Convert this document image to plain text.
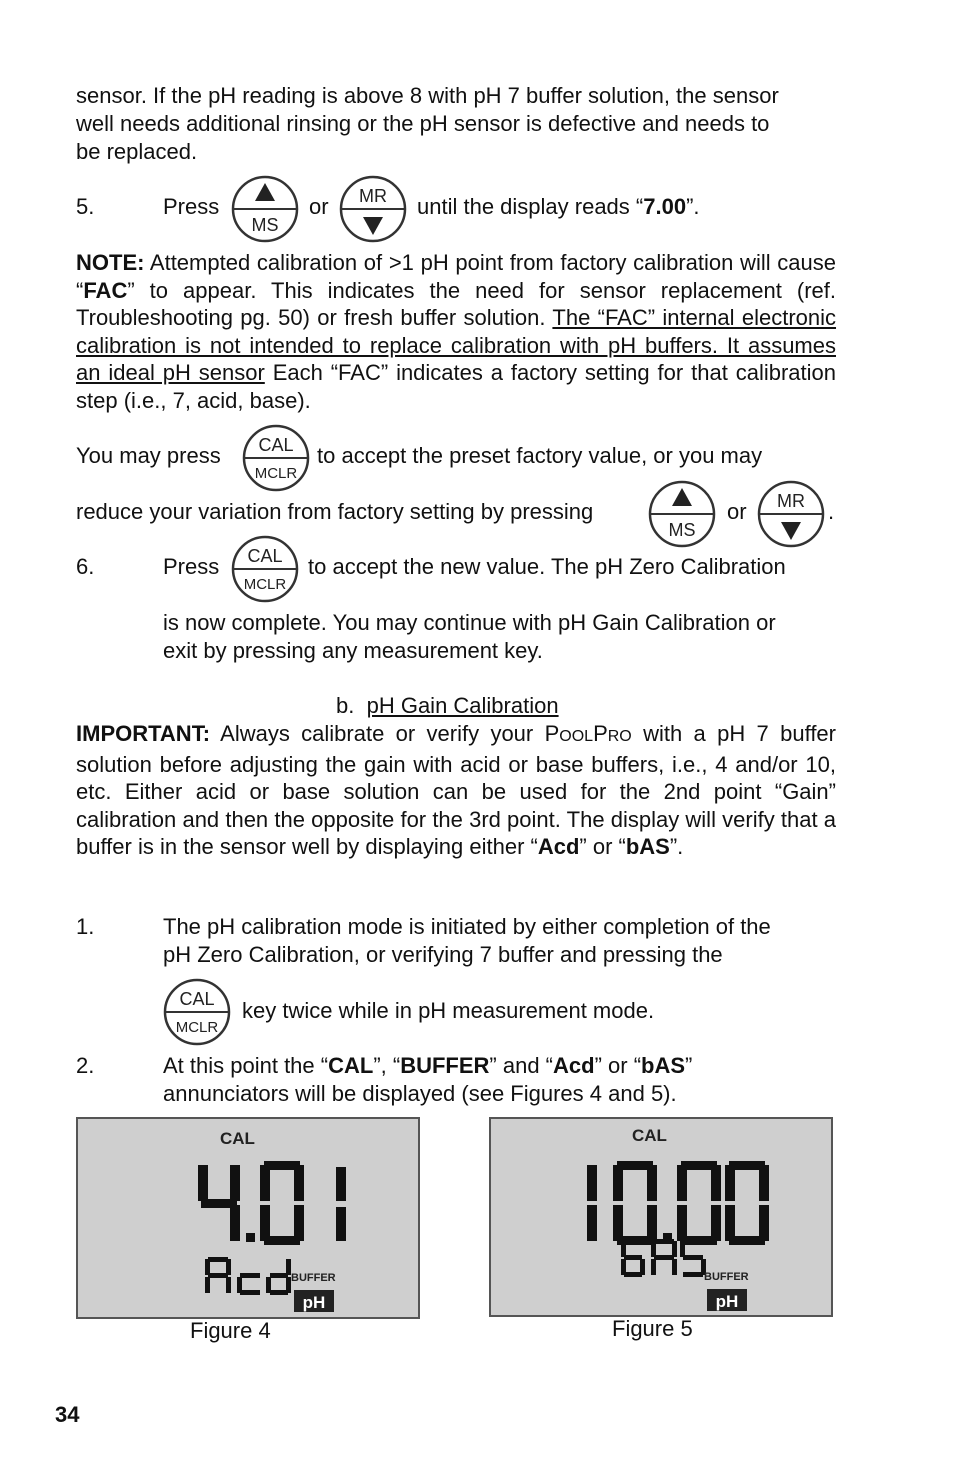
sensor. If the pH reading is above 8 with pH 7 buffer solution, the sensor
well needs additional rinsing or the pH sensor is defective and needs to
be replaced.
5.	Press
MS
or MR until the display reads “7.00”.
NOTE: Attempted calibration of >1 pH point from factory calibration will cause “FAC” to appear. This indicates the need for sensor replacement (ref. Troubleshooting pg. 50) or fresh buffer solution. The “FAC” internal electronic calibration is not intended to replace calibration with pH buffers. It assumes an ideal pH sensor Each “FAC” indicates a factory setting for that calibration step (i.e., 7, acid, base).
You may press CAL
MCLR
to accept the preset factory value, or you may
reduce your variation from factory setting by pressing
MS
or MR .
6.	Press CAL
MCLR
to accept the new value. The pH Zero Calibration
is now complete. You may continue with pH Gain Calibration or
exit by pressing any measurement key.
b. pH Gain Calibration
IMPORTANT: Always calibrate or verify your POOLPRO with a pH 7 buffer solution before adjusting the gain with acid or base buffers, i.e., 4 and/or 10, etc. Either acid or base solution can be used for the 2nd point “Gain” calibration and then the opposite for the 3rd point. The display will verify that a buffer is in the sensor well by displaying either “Acd” or “bAS”.
1.	The pH calibration mode is initiated by either completion of the
pH Zero Calibration, or verifying 7 buffer and pressing the
CAL
MCLR
key twice while in pH measurement mode.
2.	At this point the “CAL”, “BUFFER” and “Acd” or “bAS”
annunciators will be displayed (see Figures 4 and 5).
CAL
BUFFER
pH
Figure 4
CAL
BUFFER
pH
Figure 5
34
